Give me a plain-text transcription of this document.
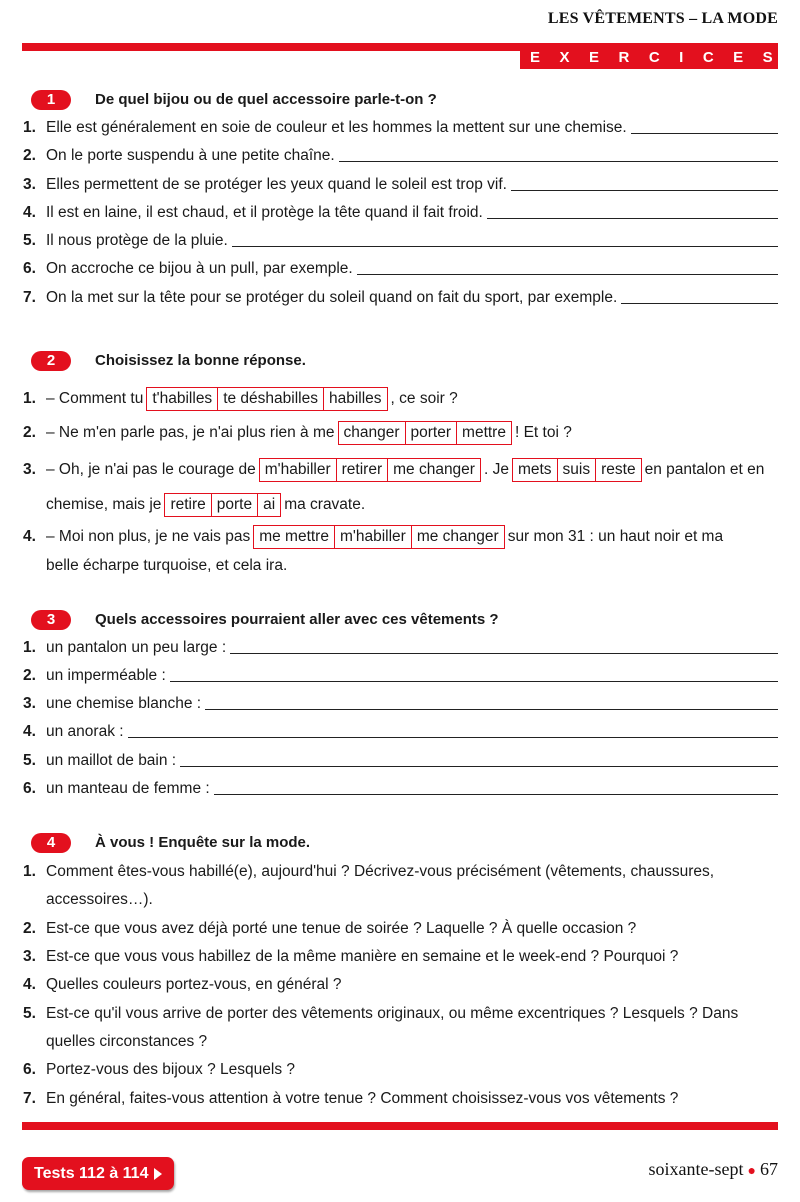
LES VÊTEMENTS – LA MODE
EXERCICES
1	De quel bijou ou de quel accessoire parle-t-on ?
1. Elle est généralement en soie de couleur et les hommes la mettent sur une chemise.
2. On le porte suspendu à une petite chaîne.
3. Elles permettent de se protéger les yeux quand le soleil est trop vif.
4. Il est en laine, il est chaud, et il protège la tête quand il fait froid.
5. Il nous protège de la pluie.
6. On accroche ce bijou à un pull, par exemple.
7. On la met sur la tête pour se protéger du soleil quand on fait du sport, par exemple.
2	Choisissez la bonne réponse.
1. – Comment tu t'habilles te déshabilles habilles , ce soir ?
2. – Ne m'en parle pas, je n'ai plus rien à me changer porter mettre ! Et toi ?
3. – Oh, je n'ai pas le courage de m'habiller retirer me changer . Je mets suis reste en pantalon et en
chemise, mais je retire porte ai ma cravate.
4. – Moi non plus, je ne vais pas me mettre m'habiller me changer sur mon 31 : un haut noir et ma
belle écharpe turquoise, et cela ira.
3	Quels accessoires pourraient aller avec ces vêtements ?
1. un pantalon un peu large :
2. un imperméable :
3. une chemise blanche :
4. un anorak :
5. un maillot de bain :
6. un manteau de femme :
4	À vous ! Enquête sur la mode.
1. Comment êtes-vous habillé(e), aujourd'hui ? Décrivez-vous précisément (vêtements, chaussures,
accessoires…).
2. Est-ce que vous avez déjà porté une tenue de soirée ? Laquelle ? À quelle occasion ?
3. Est-ce que vous vous habillez de la même manière en semaine et le week-end ? Pourquoi ?
4. Quelles couleurs portez-vous, en général ?
5. Est-ce qu'il vous arrive de porter des vêtements originaux, ou même excentriques ? Lesquels ? Dans
quelles circonstances ?
6. Portez-vous des bijoux ? Lesquels ?
7. En général, faites-vous attention à votre tenue ? Comment choisissez-vous vos vêtements ?
Tests 112 à 114	soixante-sept ● 67
